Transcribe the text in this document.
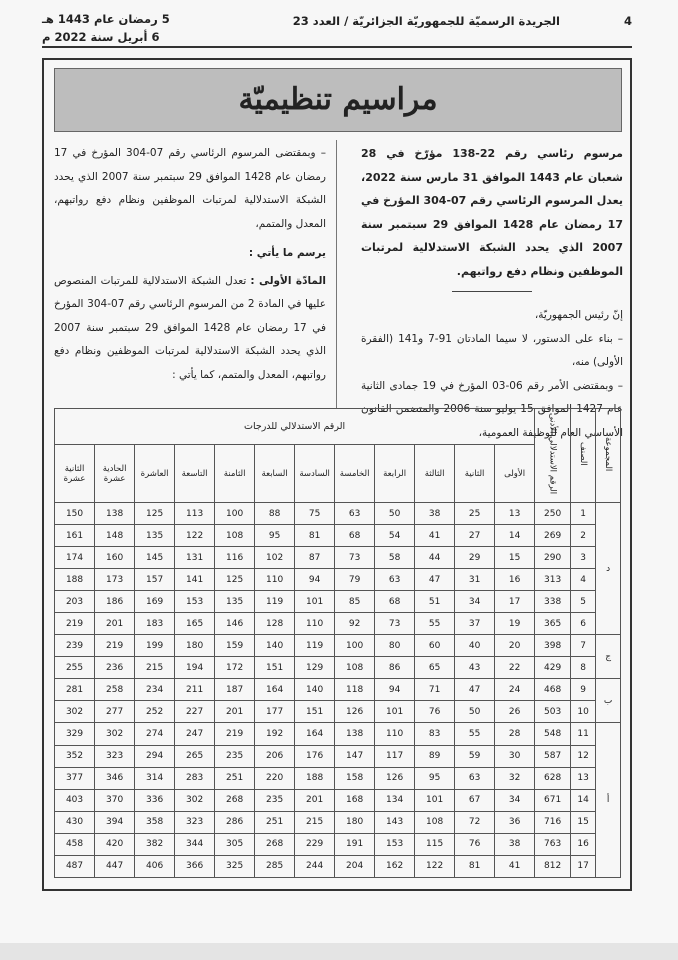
4
الجريدة الرسميّة للجمهوريّة الجزائريّة / العدد 23
5 رمضان عام 1443 هـ
6 أبريل سنة 2022 م
مراسيم تنظيميّة

مرسوم رئاسي رقم 22-138 مؤرّخ في 28 شعبان عام 1443 الموافق 31 مارس سنة 2022، يعدل المرسوم الرئاسي رقم 07-304 المؤرخ في 17 رمضان عام 1428 الموافق 29 سبتمبر سنة 2007 الذي يحدد الشبكة الاستدلالية لمرتبات الموظفين ونظام دفع رواتبهم.

إنّ رئيس الجمهوريّة،

– بناء على الدستور، لا سيما المادتان 91-7 و141 (الفقرة الأولى) منه،

– وبمقتضى الأمر رقم 06-03 المؤرخ في 19 جمادى الثانية عام 1427 الموافق 15 يوليو سنة 2006 والمتضمن القانون الأساسي العام للوظيفة العمومية،

– وبمقتضى المرسوم الرئاسي رقم 07-304 المؤرخ في 17 رمضان عام 1428 الموافق 29 سبتمبر سنة 2007 الذي يحدد الشبكة الاستدلالية لمرتبات الموظفين ونظام دفع رواتبهم، المعدل والمتمم،

يرسم ما يأتي :

المادّة الأولى : تعدل الشبكة الاستدلالية للمرتبات المنصوص عليها في المادة 2 من المرسوم الرئاسي رقم 07-304 المؤرخ في 17 رمضان عام 1428 الموافق 29 سبتمبر سنة 2007 الذي يحدد الشبكة الاستدلالية لمرتبات الموظفين ونظام دفع رواتبهم، المعدل والمتمم، كما يأتي :

المجموعة	الصنف	الرقم الاستدلالي الأدنى	الرقم الاستدلالي للدرجات											
			الأولى	الثانية	الثالثة	الرابعة	الخامسة	السادسة	السابعة	الثامنة	التاسعة	العاشرة	الحادية عشرة	الثانية عشرة
د	1	250	13	25	38	50	63	75	88	100	113	125	138	150
	2	269	14	27	41	54	68	81	95	108	122	135	148	161
	3	290	15	29	44	58	73	87	102	116	131	145	160	174
	4	313	16	31	47	63	79	94	110	125	141	157	173	188
	5	338	17	34	51	68	85	101	119	135	153	169	186	203
	6	365	19	37	55	73	92	110	128	146	165	183	201	219
ج	7	398	20	40	60	80	100	119	140	159	180	199	219	239
	8	429	22	43	65	86	108	129	151	172	194	215	236	255
ب	9	468	24	47	71	94	118	140	164	187	211	234	258	281
	10	503	26	50	76	101	126	151	177	201	227	252	277	302
أ	11	548	28	55	83	110	138	164	192	219	247	274	302	329
	12	587	30	59	89	117	147	176	206	235	265	294	323	352
	13	628	32	63	95	126	158	188	220	251	283	314	346	377
	14	671	34	67	101	134	168	201	235	268	302	336	370	403
	15	716	36	72	108	143	180	215	251	286	323	358	394	430
	16	763	38	76	115	153	191	229	268	305	344	382	420	458
	17	812	41	81	122	162	204	244	285	325	366	406	447	487
